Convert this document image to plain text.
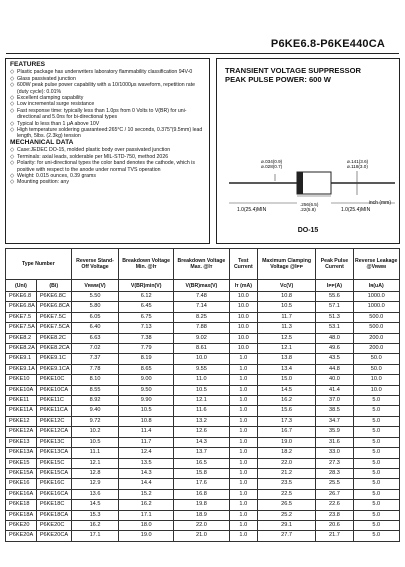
P6KE6.8-P6KE440CA
FEATURES
◇ Plastic package has underwriters laboratory flammability classification 94V-0
◇ Glass passivated junction
◇ 600W peak pulse power capability with a 10/1000μs waveform, repetition rate (duty cycle): 0.01%
◇ Excellent clamping capability
◇ Low incremental surge resistance
◇ Fast response time: typically less than 1.0ps from 0 Volts to V(BR) for uni-directional and 5.0ns for bi-directional types
◇ Typical Iᴅ less than 1 μA above 10V
◇ High temperature soldering guaranteed:265°C / 10 seconds, 0.375"(9.5mm) lead length, 5lbs. (2.3kg) tension
MECHANICAL DATA
◇ Case:JEDEC DO-15, molded plastic body over passivated junction
◇ Terminals: axial leads, solderable per MIL-STD-750, method 2026
◇ Polarity: for uni-directional types the color band denotes the cathode, which is positive with respect to the anode under normal TVS operation
◇ Weight: 0.015 ounces, 0.39 grams
◇ Mounting position: any
TRANSIENT VOLTAGE SUPPRESSOR
PEAK PULSE POWER: 600 W
1.0(25.4)MIN	1.0(25.4)MIN
ø.034(0.9) ø.028(0.7)
ø.141(3.6) ø.118(3.0)
.256(6.5) .22(5.8)
inch (mm)
DO-15
Type Number		Reverse Stand-Off Voltage	Breakdown Voltage Min. @Iᴛ	Breakdown Voltage Max. @Iᴛ	Test Current	Maximum Clamping Voltage @Iᴘᴘ	Peak Pulse Current	Reverse Leakage @Vʀᴡᴍ
(Uni)	(Bi)	Vʀᴡᴍ(V)	V(BR)min(V)	V(BR)max(V)	Iᴛ (mA)	Vᴄ(V)	Iᴘᴘ(A)	Iʀ(uA)
P6KE6.8	P6KE6.8C	5.50	6.12	7.48	10.0	10.8	55.6	1000.0
P6KE6.8A	P6KE6.8CA	5.80	6.45	7.14	10.0	10.5	57.1	1000.0
P6KE7.5	P6KE7.5C	6.05	6.75	8.25	10.0	11.7	51.3	500.0
P6KE7.5A	P6KE7.5CA	6.40	7.13	7.88	10.0	11.3	53.1	500.0
P6KE8.2	P6KE8.2C	6.63	7.38	9.02	10.0	12.5	48.0	200.0
P6KE8.2A	P6KE8.2CA	7.02	7.79	8.61	10.0	12.1	49.6	200.0
P6KE9.1	P6KE9.1C	7.37	8.19	10.0	1.0	13.8	43.5	50.0
P6KE9.1A	P6KE9.1CA	7.78	8.65	9.55	1.0	13.4	44.8	50.0
P6KE10	P6KE10C	8.10	9.00	11.0	1.0	15.0	40.0	10.0
P6KE10A	P6KE10CA	8.55	9.50	10.5	1.0	14.5	41.4	10.0
P6KE11	P6KE11C	8.92	9.90	12.1	1.0	16.2	37.0	5.0
P6KE11A	P6KE11CA	9.40	10.5	11.6	1.0	15.6	38.5	5.0
P6KE12	P6KE12C	9.72	10.8	13.2	1.0	17.3	34.7	5.0
P6KE12A	P6KE12CA	10.2	11.4	12.6	1.0	16.7	35.9	5.0
P6KE13	P6KE13C	10.5	11.7	14.3	1.0	19.0	31.6	5.0
P6KE13A	P6KE13CA	11.1	12.4	13.7	1.0	18.2	33.0	5.0
P6KE15	P6KE15C	12.1	13.5	16.5	1.0	22.0	27.3	5.0
P6KE15A	P6KE15CA	12.8	14.3	15.8	1.0	21.2	28.3	5.0
P6KE16	P6KE16C	12.9	14.4	17.6	1.0	23.5	25.5	5.0
P6KE16A	P6KE16CA	13.6	15.2	16.8	1.0	22.5	26.7	5.0
P6KE18	P6KE18C	14.5	16.2	19.8	1.0	26.5	22.6	5.0
P6KE18A	P6KE18CA	15.3	17.1	18.9	1.0	25.2	23.8	5.0
P6KE20	P6KE20C	16.2	18.0	22.0	1.0	29.1	20.6	5.0
P6KE20A	P6KE20CA	17.1	19.0	21.0	1.0	27.7	21.7	5.0
